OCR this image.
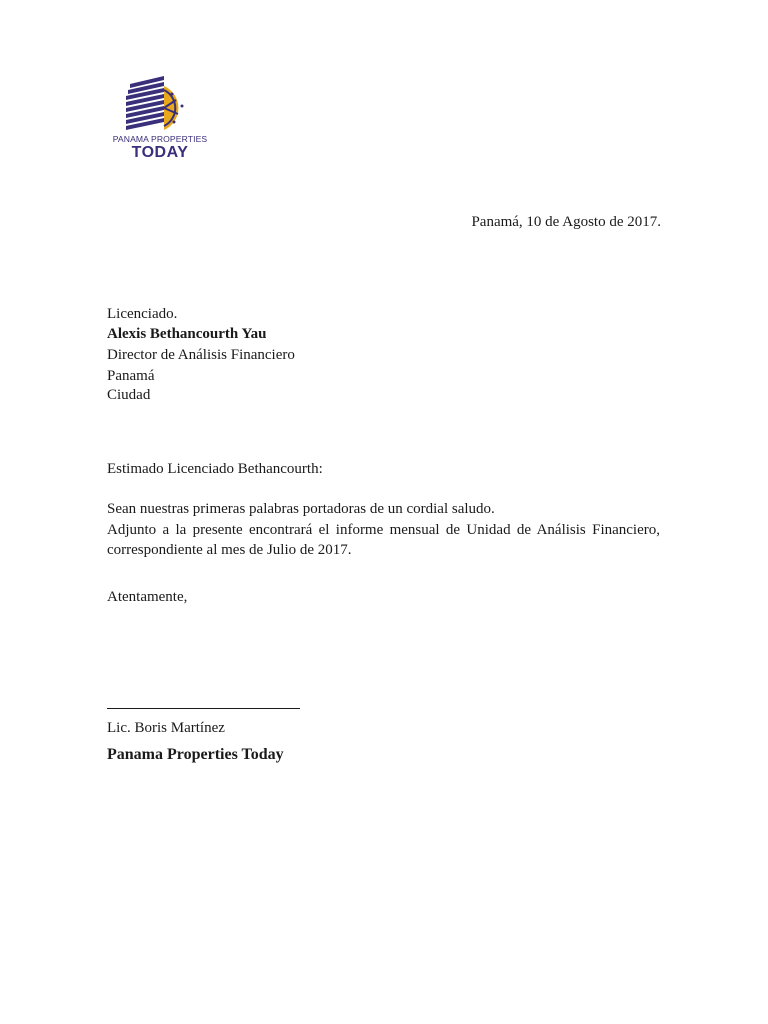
PANAMA PROPERTIES
TODAY
Panamá, 10 de Agosto de 2017.
Licenciado.
Alexis Bethancourth Yau
Director de Análisis Financiero
Panamá
Ciudad
Estimado Licenciado Bethancourth:
Sean nuestras primeras palabras portadoras de un cordial saludo.
Adjunto a la presente encontrará el informe mensual de Unidad de Análisis Financiero, correspondiente al mes de Julio de 2017.
Atentamente,
Lic. Boris Martínez
Panama Properties Today
